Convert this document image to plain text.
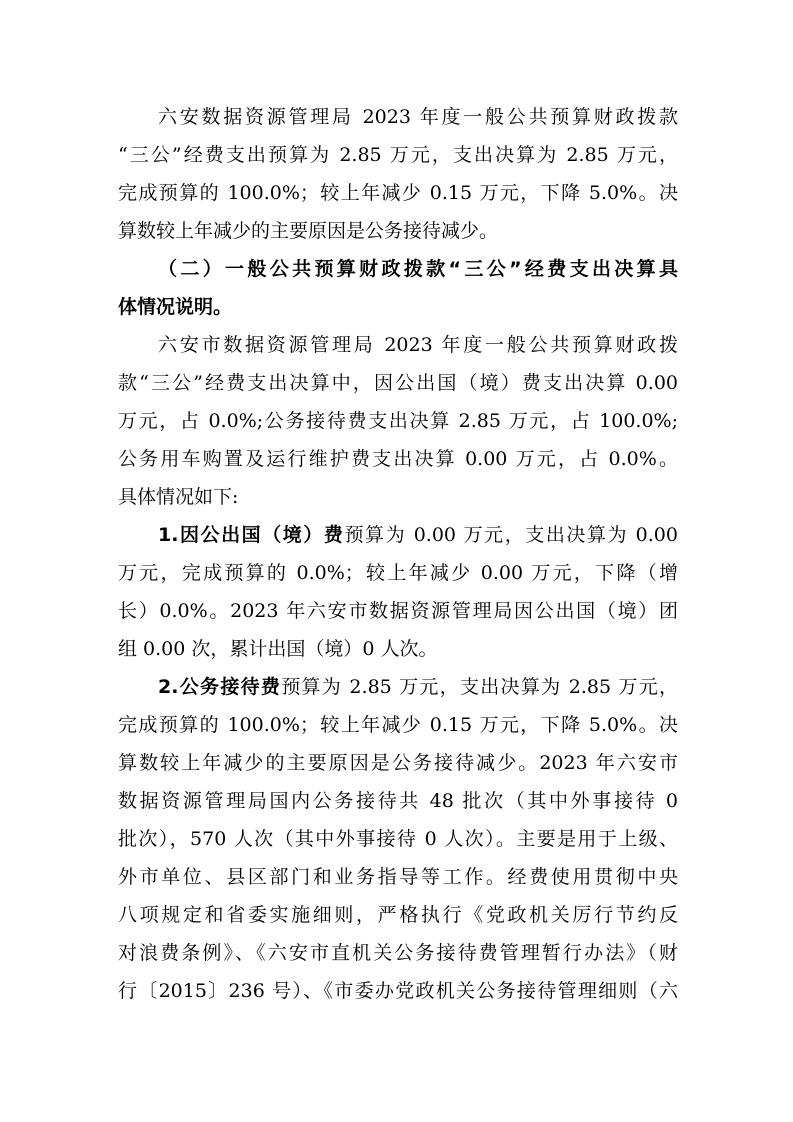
六安数据资源管理局 2023 年度一般公共预算财政拨款
“三公”经费支出预算为 2.85 万元，支出决算为 2.85 万元，
完成预算的 100.0%；较上年减少 0.15 万元，下降 5.0%。决
算数较上年减少的主要原因是公务接待减少。
（二）一般公共预算财政拨款“三公”经费支出决算具
体情况说明。
六安市数据资源管理局 2023 年度一般公共预算财政拨
款“三公”经费支出决算中，因公出国（境）费支出决算 0.00
万元，占 0.0%;公务接待费支出决算 2.85 万元，占 100.0%;
公务用车购置及运行维护费支出决算 0.00 万元，占 0.0%。
具体情况如下:
1.因公出国（境）费预算为 0.00 万元，支出决算为 0.00
万元，完成预算的 0.0%；较上年减少 0.00 万元，下降（增
长）0.0%。2023 年六安市数据资源管理局因公出国（境）团
组 0.00 次，累计出国（境）0 人次。
2.公务接待费预算为 2.85 万元，支出决算为 2.85 万元，
完成预算的 100.0%；较上年减少 0.15 万元，下降 5.0%。决
算数较上年减少的主要原因是公务接待减少。2023 年六安市
数据资源管理局国内公务接待共 48 批次（其中外事接待 0
批次），570 人次（其中外事接待 0 人次）。主要是用于上级、
外市单位、县区部门和业务指导等工作。经费使用贯彻中央
八项规定和省委实施细则，严格执行《党政机关厉行节约反
对浪费条例》、《六安市直机关公务接待费管理暂行办法》（财
行〔2015〕236 号）、《市委办党政机关公务接待管理细则（六
